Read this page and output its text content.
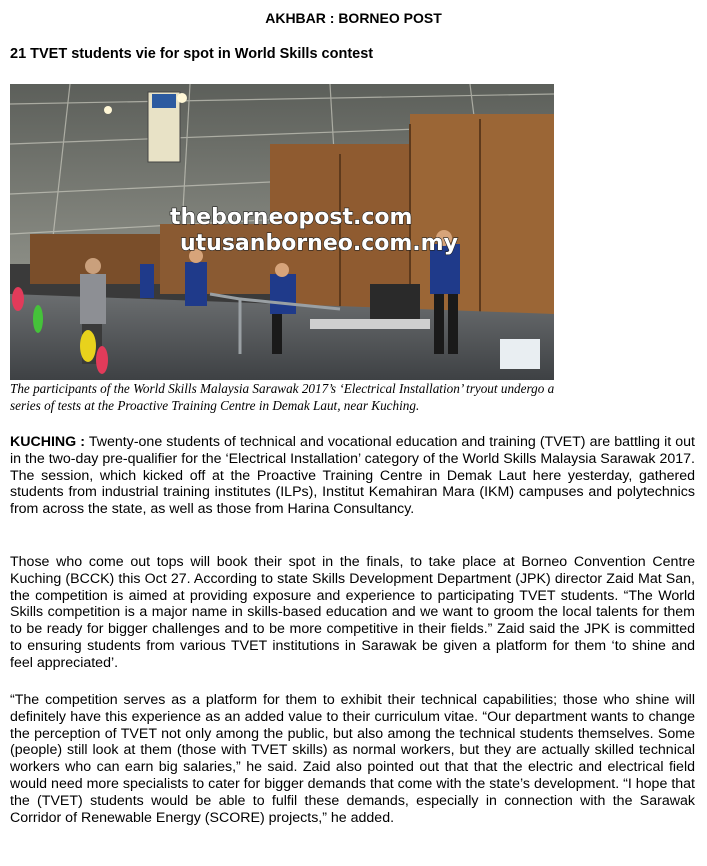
AKHBAR : BORNEO POST
21 TVET students vie for spot in World Skills contest
theborneopost.com
utusanborneo.com.my
The participants of the World Skills Malaysia Sarawak 2017’s ‘Electrical Installation’ tryout undergo a series of tests at the Proactive Training Centre in Demak Laut, near Kuching.

KUCHING : Twenty-one students of technical and vocational education and training (TVET) are battling it out in the two-day pre-qualifier for the ‘Electrical Installation’ category of the World Skills Malaysia Sarawak 2017. The session, which kicked off at the Proactive Training Centre in Demak Laut here yesterday, gathered students from industrial training institutes (ILPs), Institut Kemahiran Mara (IKM) campuses and polytechnics from across the state, as well as those from Harina Consultancy.

Those who come out tops will book their spot in the finals, to take place at Borneo Convention Centre Kuching (BCCK) this Oct 27. According to state Skills Development Department (JPK) director Zaid Mat San, the competition is aimed at providing exposure and experience to participating TVET students. “The World Skills competition is a major name in skills-based education and we want to groom the local talents for them to be ready for bigger challenges and to be more competitive in their fields.” Zaid said the JPK is committed to ensuring students from various TVET institutions in Sarawak be given a platform for them ‘to shine and feel appreciated’.

“The competition serves as a platform for them to exhibit their technical capabilities; those who shine will definitely have this experience as an added value to their curriculum vitae. “Our department wants to change the perception of TVET not only among the public, but also among the technical students themselves. Some (people) still look at them (those with TVET skills) as normal workers, but they are actually skilled technical workers who can earn big salaries,” he said. Zaid also pointed out that that the electric and electrical field would need more specialists to cater for bigger demands that come with the state’s development. “I hope that the (TVET) students would be able to fulfil these demands, especially in connection with the Sarawak Corridor of Renewable Energy (SCORE) projects,” he added.
